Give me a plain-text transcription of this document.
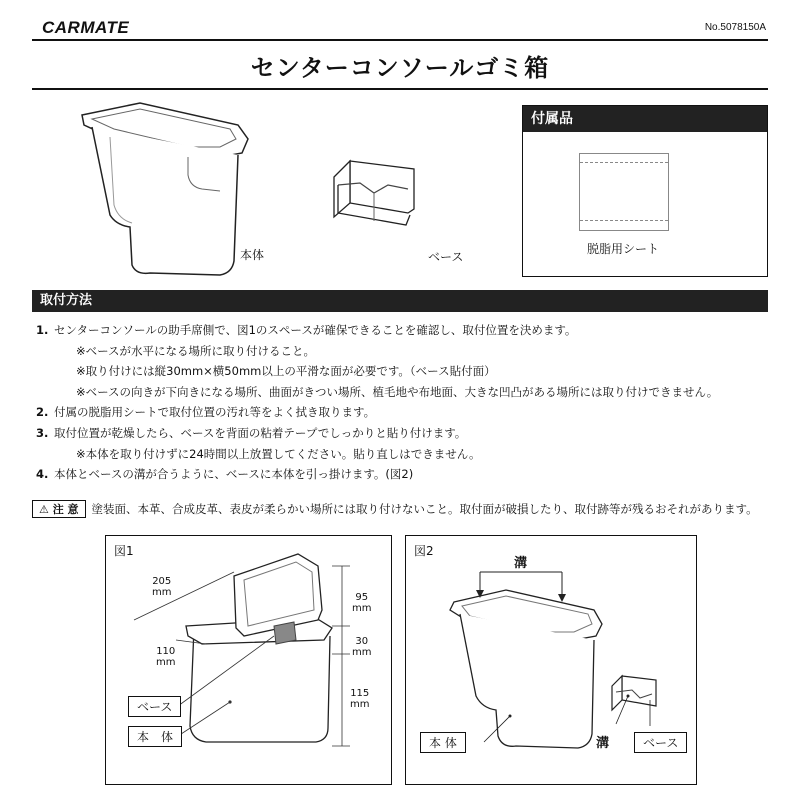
CARMATE	No.5078150A
センターコンソールゴミ箱
本体	ベース
付属品
脱脂用シート
取付方法
1. センターコンソールの助手席側で、図1のスペースが確保できることを確認し、取付位置を決めます。
※ベースが水平になる場所に取り付けること。
※取り付けには縦30mm×横50mm以上の平滑な面が必要です。（ベース貼付面）
※ベースの向きが下向きになる場所、曲面がきつい場所、植毛地や布地面、大きな凹凸がある場所には取り付けできません。
2. 付属の脱脂用シートで取付位置の汚れ等をよく拭き取ります。
3. 取付位置が乾燥したら、ベースを背面の粘着テープでしっかりと貼り付けます。
※本体を取り付けずに24時間以上放置してください。貼り直しはできません。
4. 本体とベースの溝が合うように、ベースに本体を引っ掛けます。(図2)
⚠ 注 意 塗装面、本革、合成皮革、表皮が柔らかい場所には取り付けないこと。取付面が破損したり、取付跡等が残るおそれがあります。
図1
205
mm
110
mm
95
mm
30
mm
115
mm
ベース
本　体
図2
溝
溝
本 体	ベース
